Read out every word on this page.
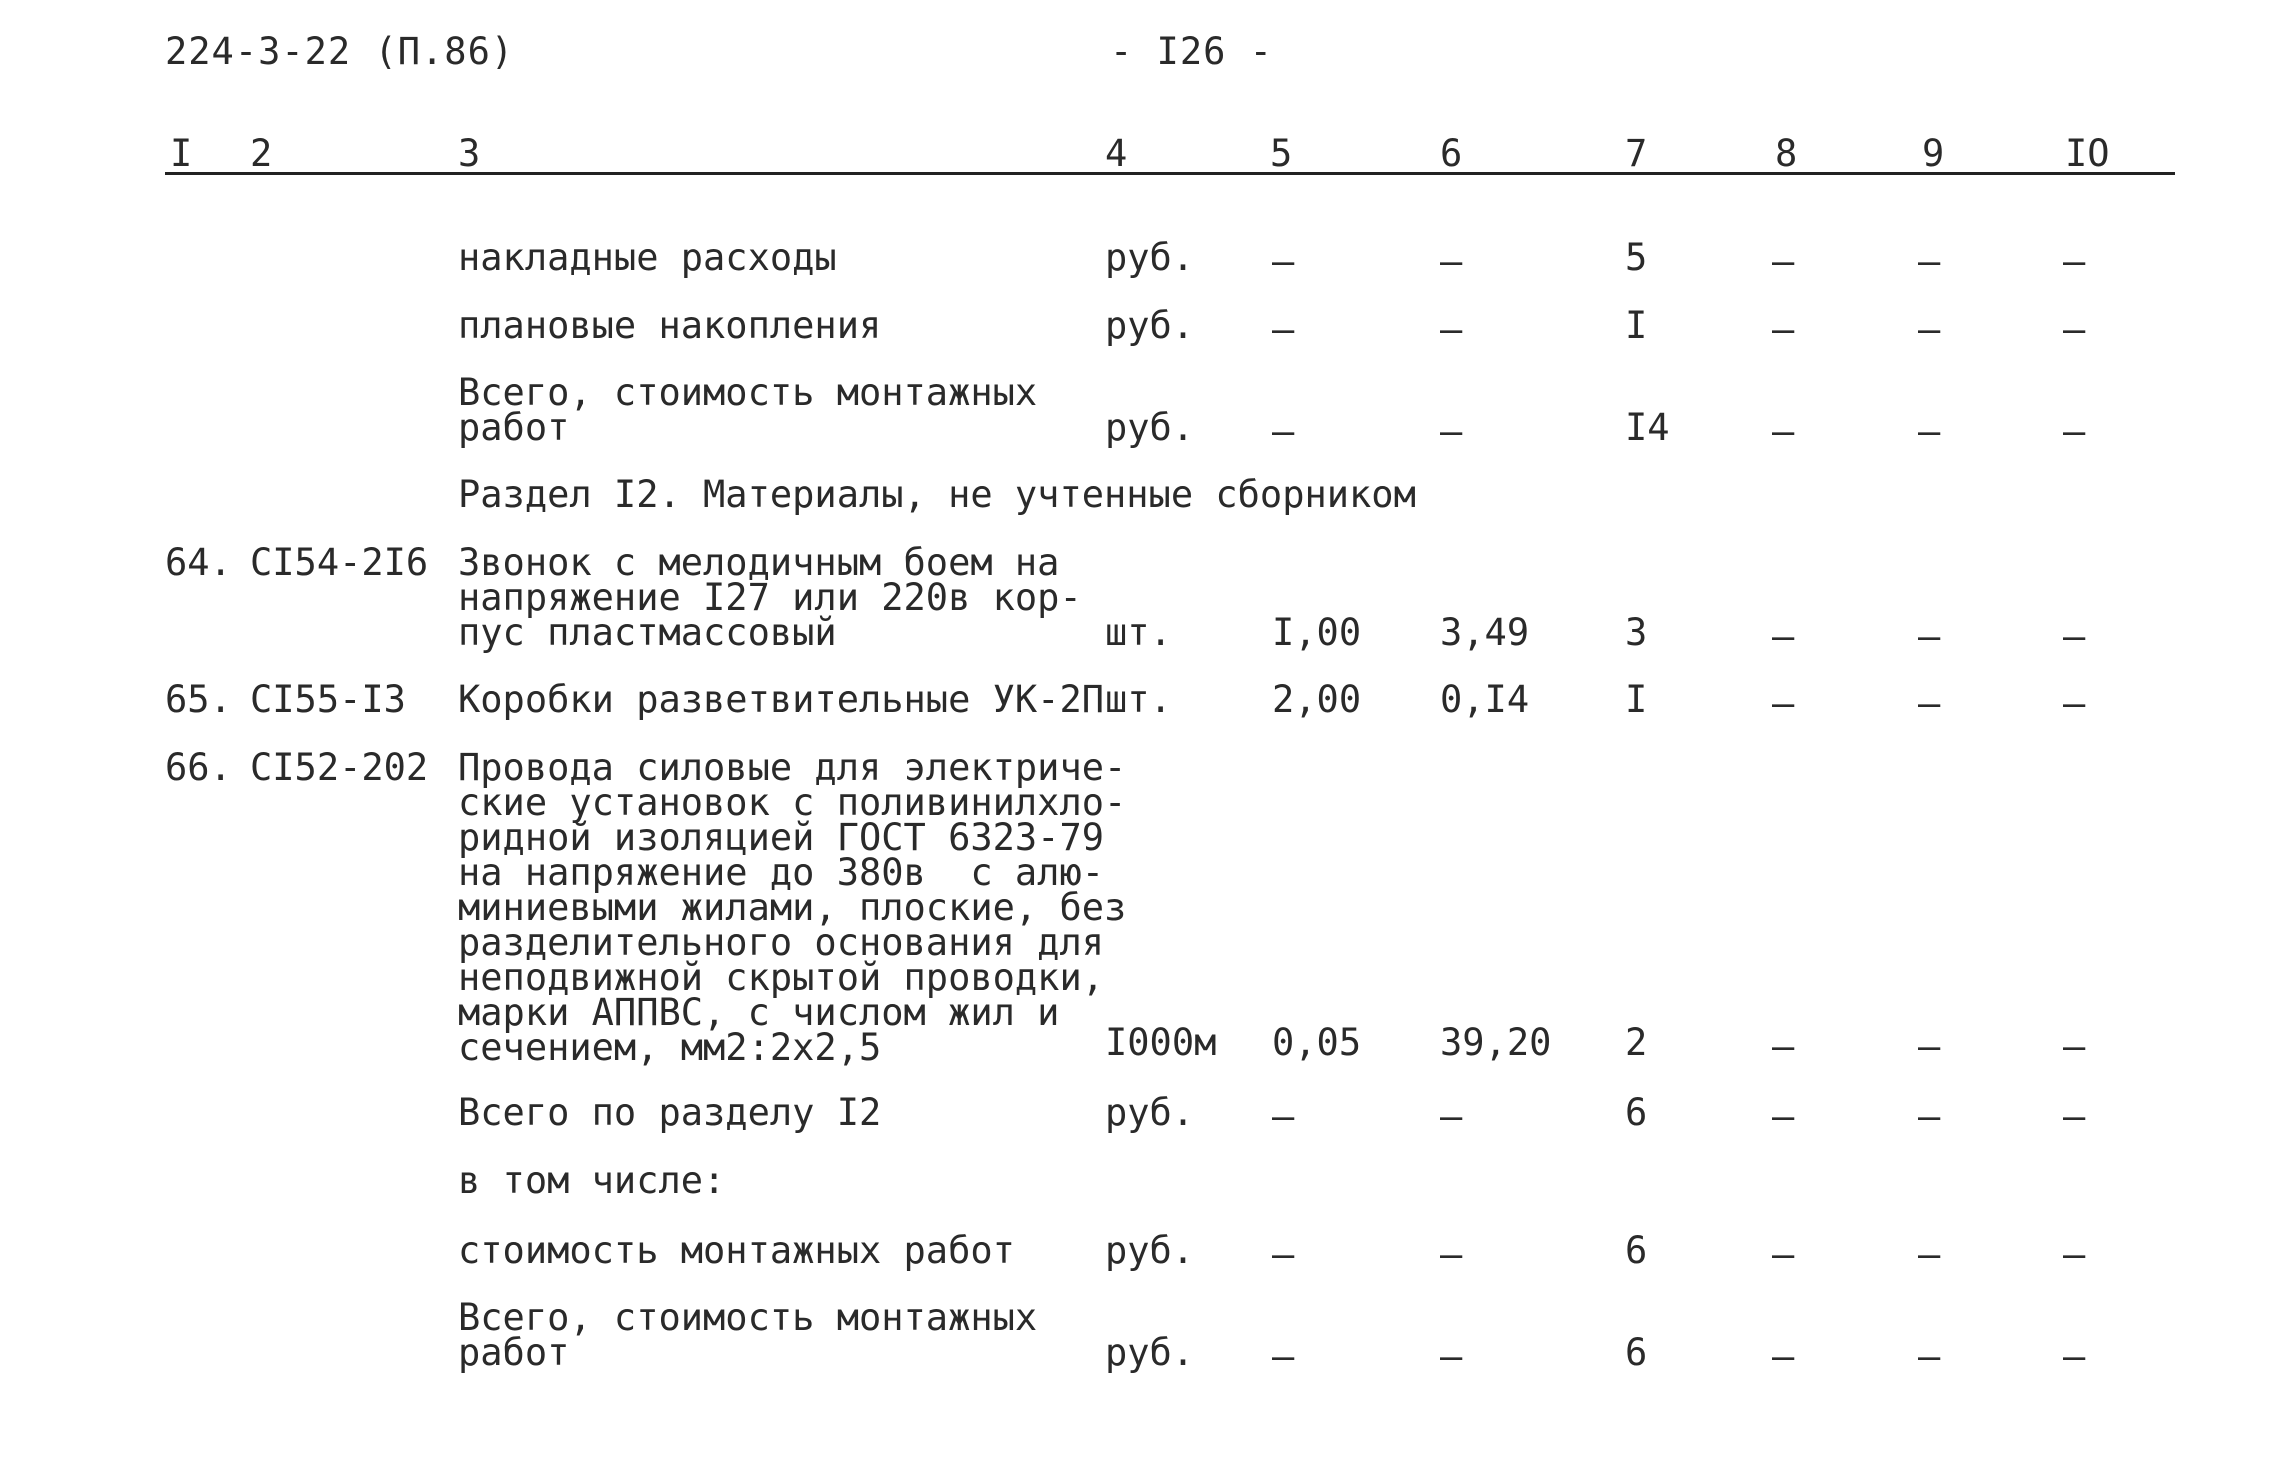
224-3-22 (П.86)	- I26 -
I 2	3	4	5	6	7	8	9	IO
накладные расходы	руб. –	–	5	–	–	–
плановые накопления	руб. –	–	I	–	–	–
Всего, стоимость монтажных
работ	руб. –	–	I4	–	–	–
Раздел I2. Материалы, не учтенные сборником
64. CI54-2I6 Звонок с мелодичным боем на
напряжение I27 или 220в кор-
пус пластмассовый	шт.	I,00 3,49	3	–	–	–
65. CI55-I3 Коробки разветвительные УК-2П шт.	2,00 0,I4	I	–	–	–
66. CI52-202 Провода силовые для электриче-
ские установок с поливинилхло-
ридной изоляцией ГОСТ 6323-79
на напряжение до 380в  с алю-
миниевыми жилами, плоские, без
разделительного основания для
неподвижной скрытой проводки,
марки АППВС, с числом жил и
сечением, мм2:2х2,5	I000м 0,05 39,20 2	–	–	–
Всего по разделу I2	руб. –	–	6	–	–	–
в том числе:
стоимость монтажных работ руб. –	–	6	–	–	–
Всего, стоимость монтажных
работ	руб. –	–	6	–	–	–
